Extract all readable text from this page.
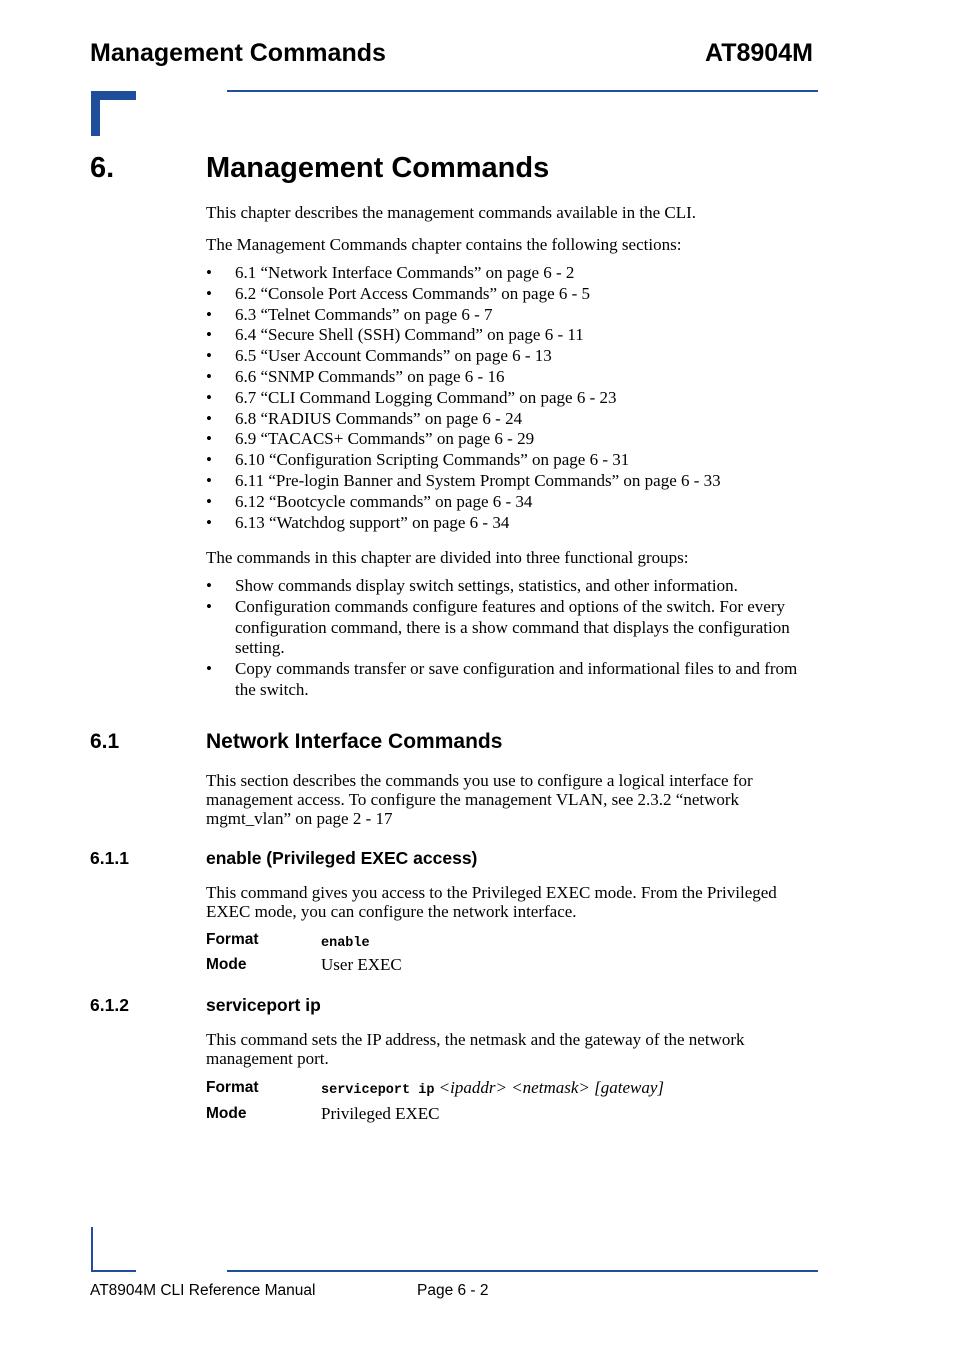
Management Commands	AT8904M
6.	Management Commands
This chapter describes the management commands available in the CLI.
The Management Commands chapter contains the following sections:
• 6.1 “Network Interface Commands” on page 6 - 2
• 6.2 “Console Port Access Commands” on page 6 - 5
• 6.3 “Telnet Commands” on page 6 - 7
• 6.4 “Secure Shell (SSH) Command” on page 6 - 11
• 6.5 “User Account Commands” on page 6 - 13
• 6.6 “SNMP Commands” on page 6 - 16
• 6.7 “CLI Command Logging Command” on page 6 - 23
• 6.8 “RADIUS Commands” on page 6 - 24
• 6.9 “TACACS+ Commands” on page 6 - 29
• 6.10 “Configuration Scripting Commands” on page 6 - 31
• 6.11 “Pre-login Banner and System Prompt Commands” on page 6 - 33
• 6.12 “Bootcycle commands” on page 6 - 34
• 6.13 “Watchdog support” on page 6 - 34
The commands in this chapter are divided into three functional groups:
• Show commands display switch settings, statistics, and other information.
• Configuration commands configure features and options of the switch. For every configuration command, there is a show command that displays the configuration setting.
• Copy commands transfer or save configuration and informational files to and from the switch.
6.1	Network Interface Commands
This section describes the commands you use to configure a logical interface for management access. To configure the management VLAN, see 2.3.2 “network mgmt_vlan” on page 2 - 17
6.1.1	enable (Privileged EXEC access)
This command gives you access to the Privileged EXEC mode. From the Privileged EXEC mode, you can configure the network interface.
Format	enable
Mode	User EXEC
6.1.2	serviceport ip
This command sets the IP address, the netmask and the gateway of the network management port.
Format	serviceport ip <ipaddr> <netmask> [gateway]
Mode	Privileged EXEC
AT8904M CLI Reference Manual	Page 6 - 2
